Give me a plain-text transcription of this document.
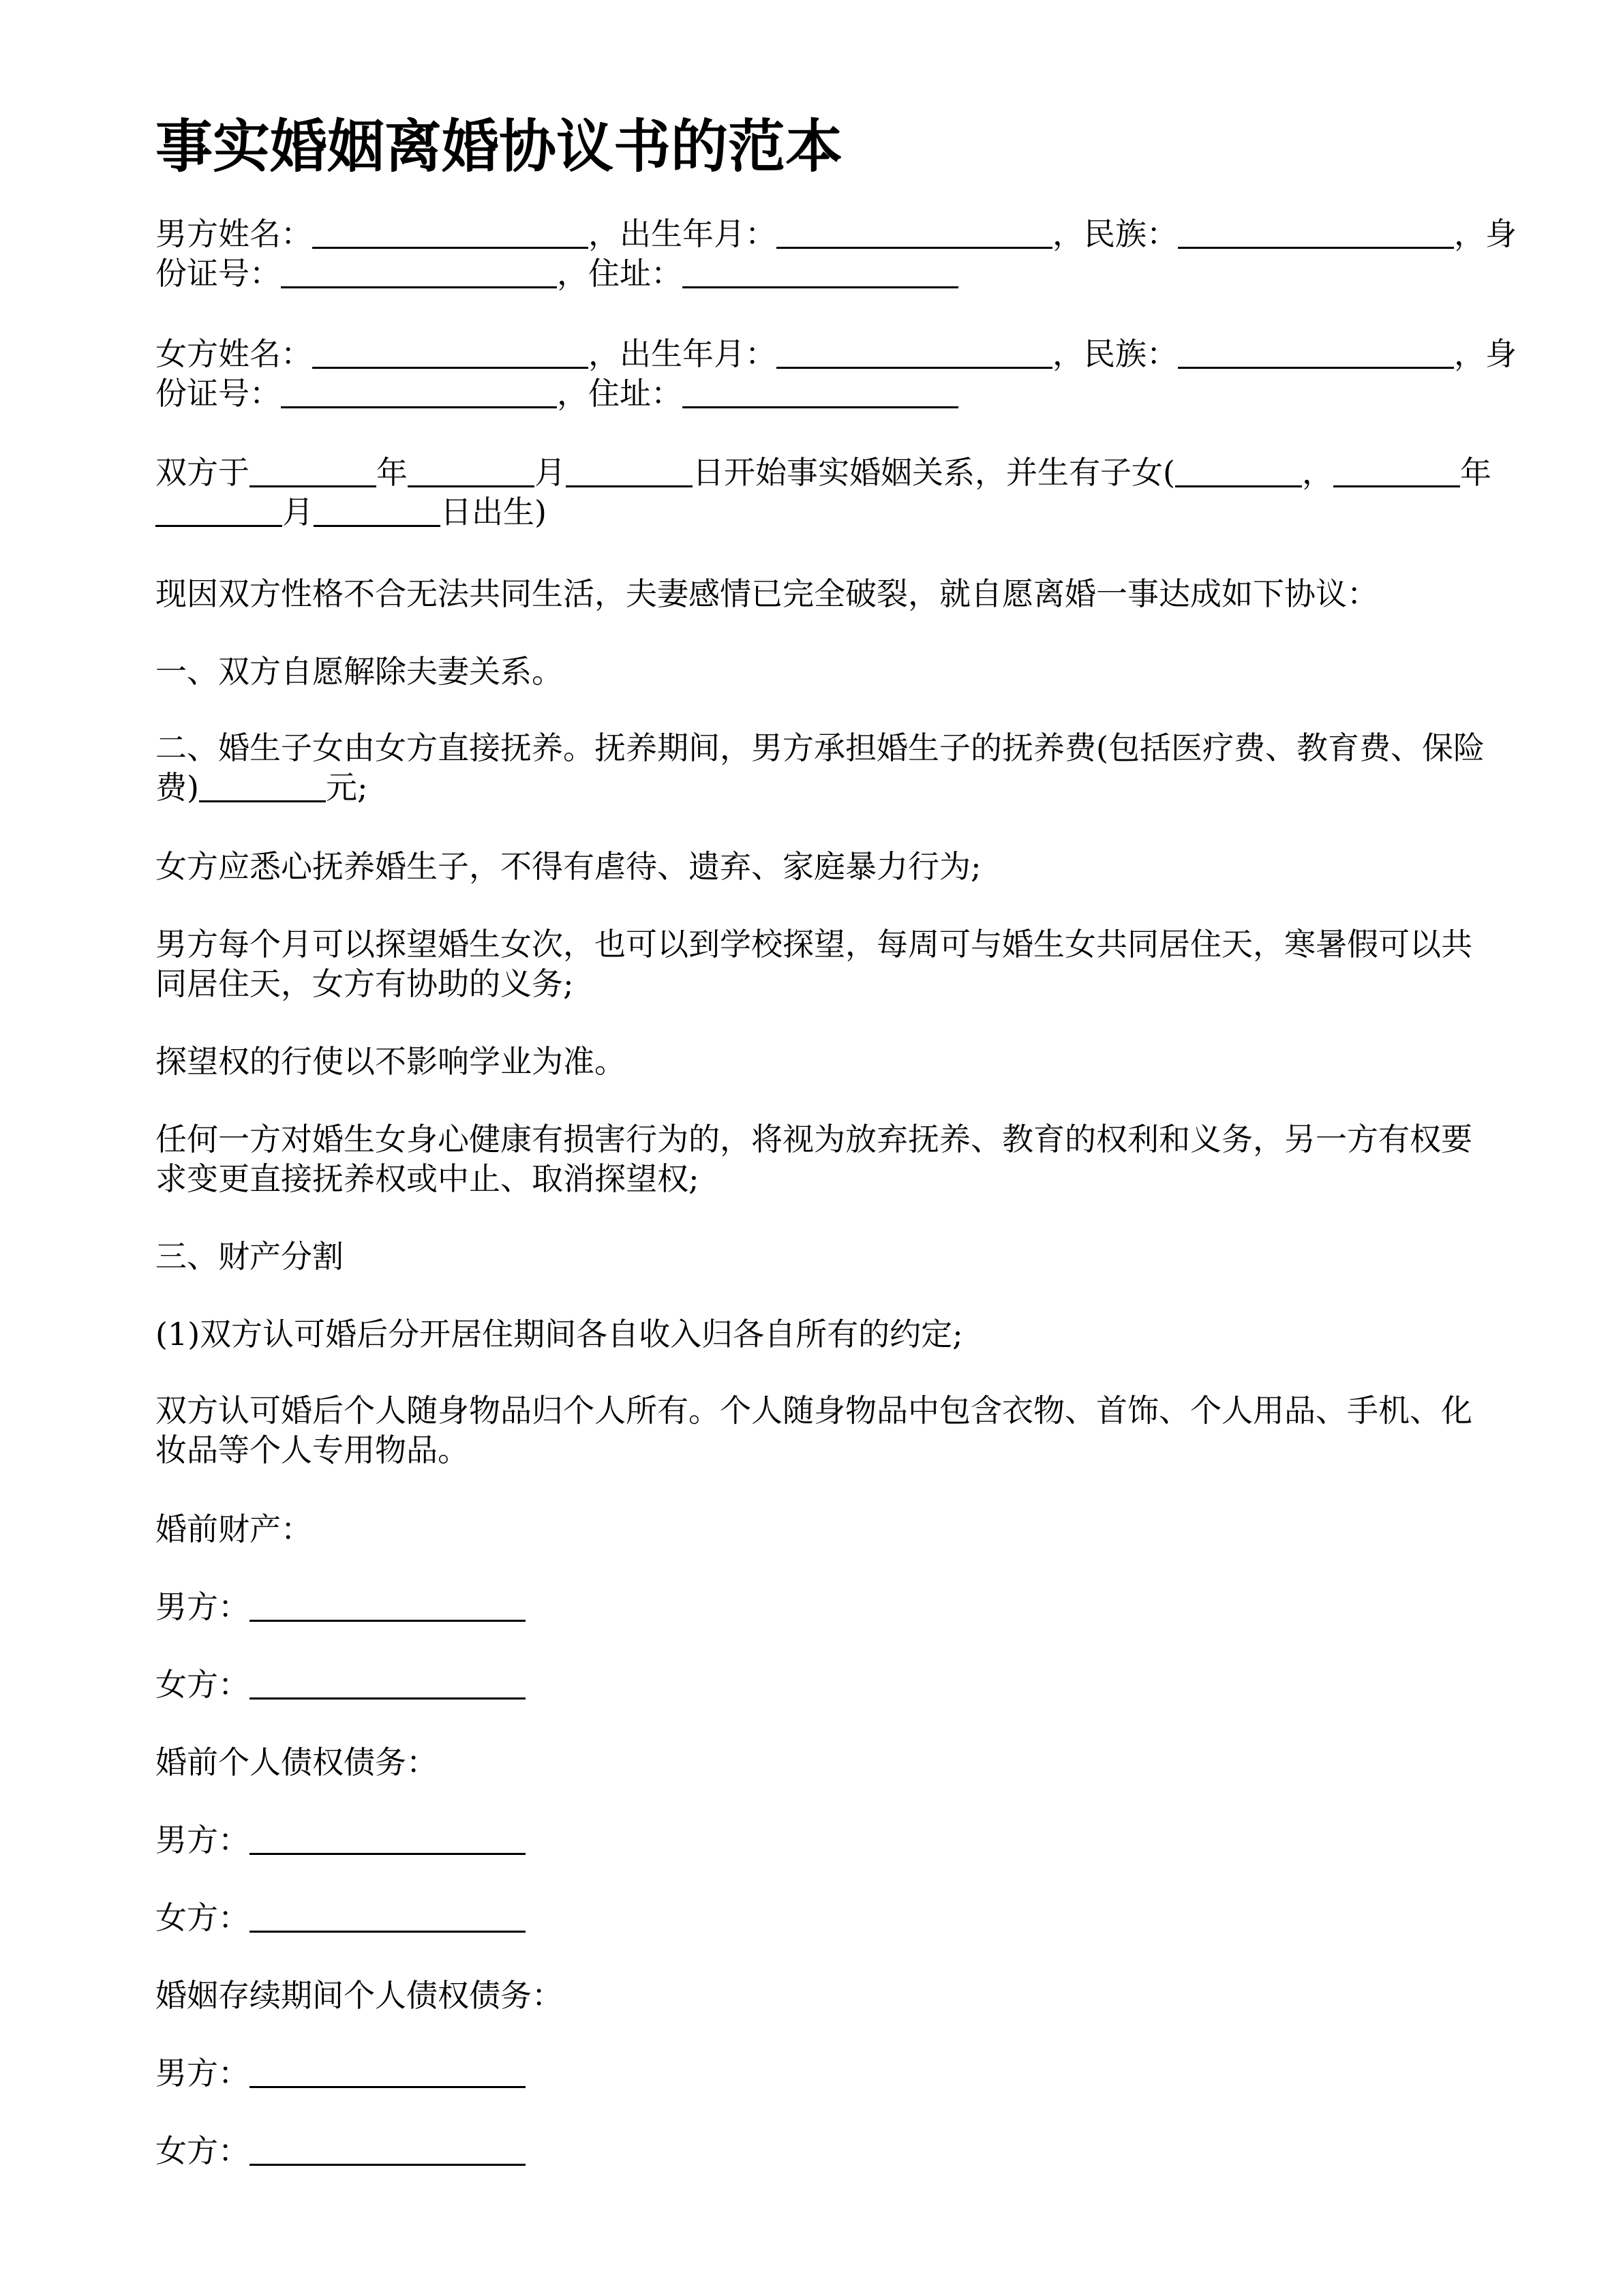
事实婚姻离婚协议书的范本
男方姓名：	，出生年月：	，民族：	，身
份证号：	，住址：
女方姓名：	，出生年月：	，民族：	，身
份证号：	，住址：
双方于	年	月	日开始事实婚姻关系，并生有子女(	，	年
月	日出生)
现因双方性格不合无法共同生活，夫妻感情已完全破裂，就自愿离婚一事达成如下协议：
一、双方自愿解除夫妻关系。
二、婚生子女由女方直接抚养。抚养期间，男方承担婚生子的抚养费(包括医疗费、教育费、保险
费)	元;
女方应悉心抚养婚生子，不得有虐待、遗弃、家庭暴力行为;
男方每个月可以探望婚生女次，也可以到学校探望，每周可与婚生女共同居住天，寒暑假可以共
同居住天，女方有协助的义务;
探望权的行使以不影响学业为准。
任何一方对婚生女身心健康有损害行为的，将视为放弃抚养、教育的权利和义务，另一方有权要
求变更直接抚养权或中止、取消探望权;
三、财产分割
(1)双方认可婚后分开居住期间各自收入归各自所有的约定;
双方认可婚后个人随身物品归个人所有。个人随身物品中包含衣物、首饰、个人用品、手机、化
妆品等个人专用物品。
婚前财产：
男方：
女方：
婚前个人债权债务：
男方：
女方：
婚姻存续期间个人债权债务：
男方：
女方：
